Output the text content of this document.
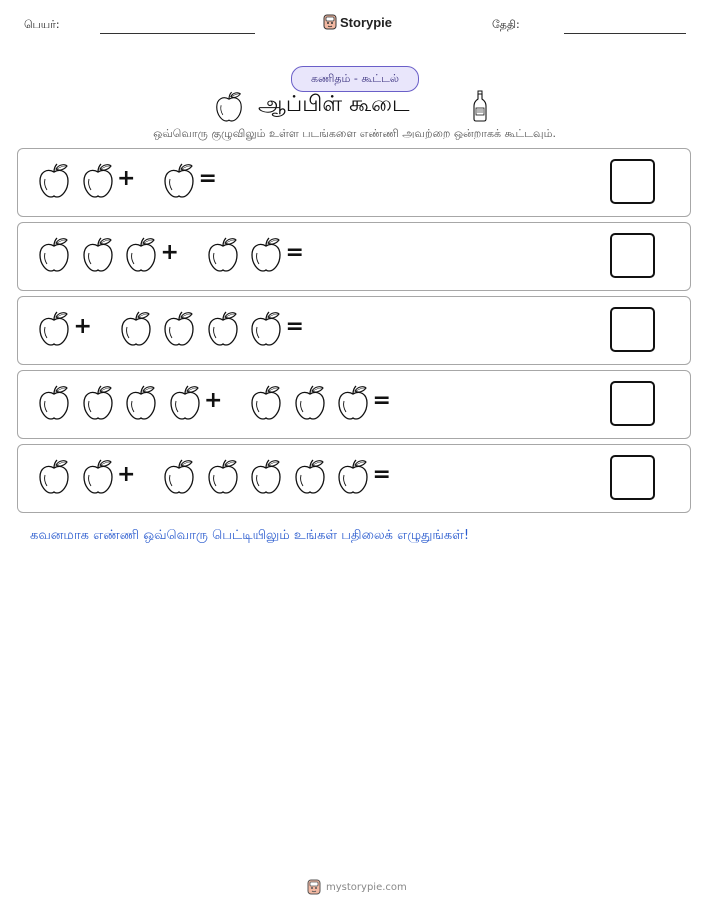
பெயர்:	Storypie	தேதி:
கணிதம் - கூட்டல்
ஆப்பிள் கூடை
ஒவ்வொரு குழுவிலும் உள்ள படங்களை எண்ணி அவற்றை ஒன்றாகக் கூட்டவும்.
+	=
+	=
+	=
+	=
+	=
கவனமாக எண்ணி ஒவ்வொரு பெட்டியிலும் உங்கள் பதிலைக் எழுதுங்கள்!
mystorypie.com
